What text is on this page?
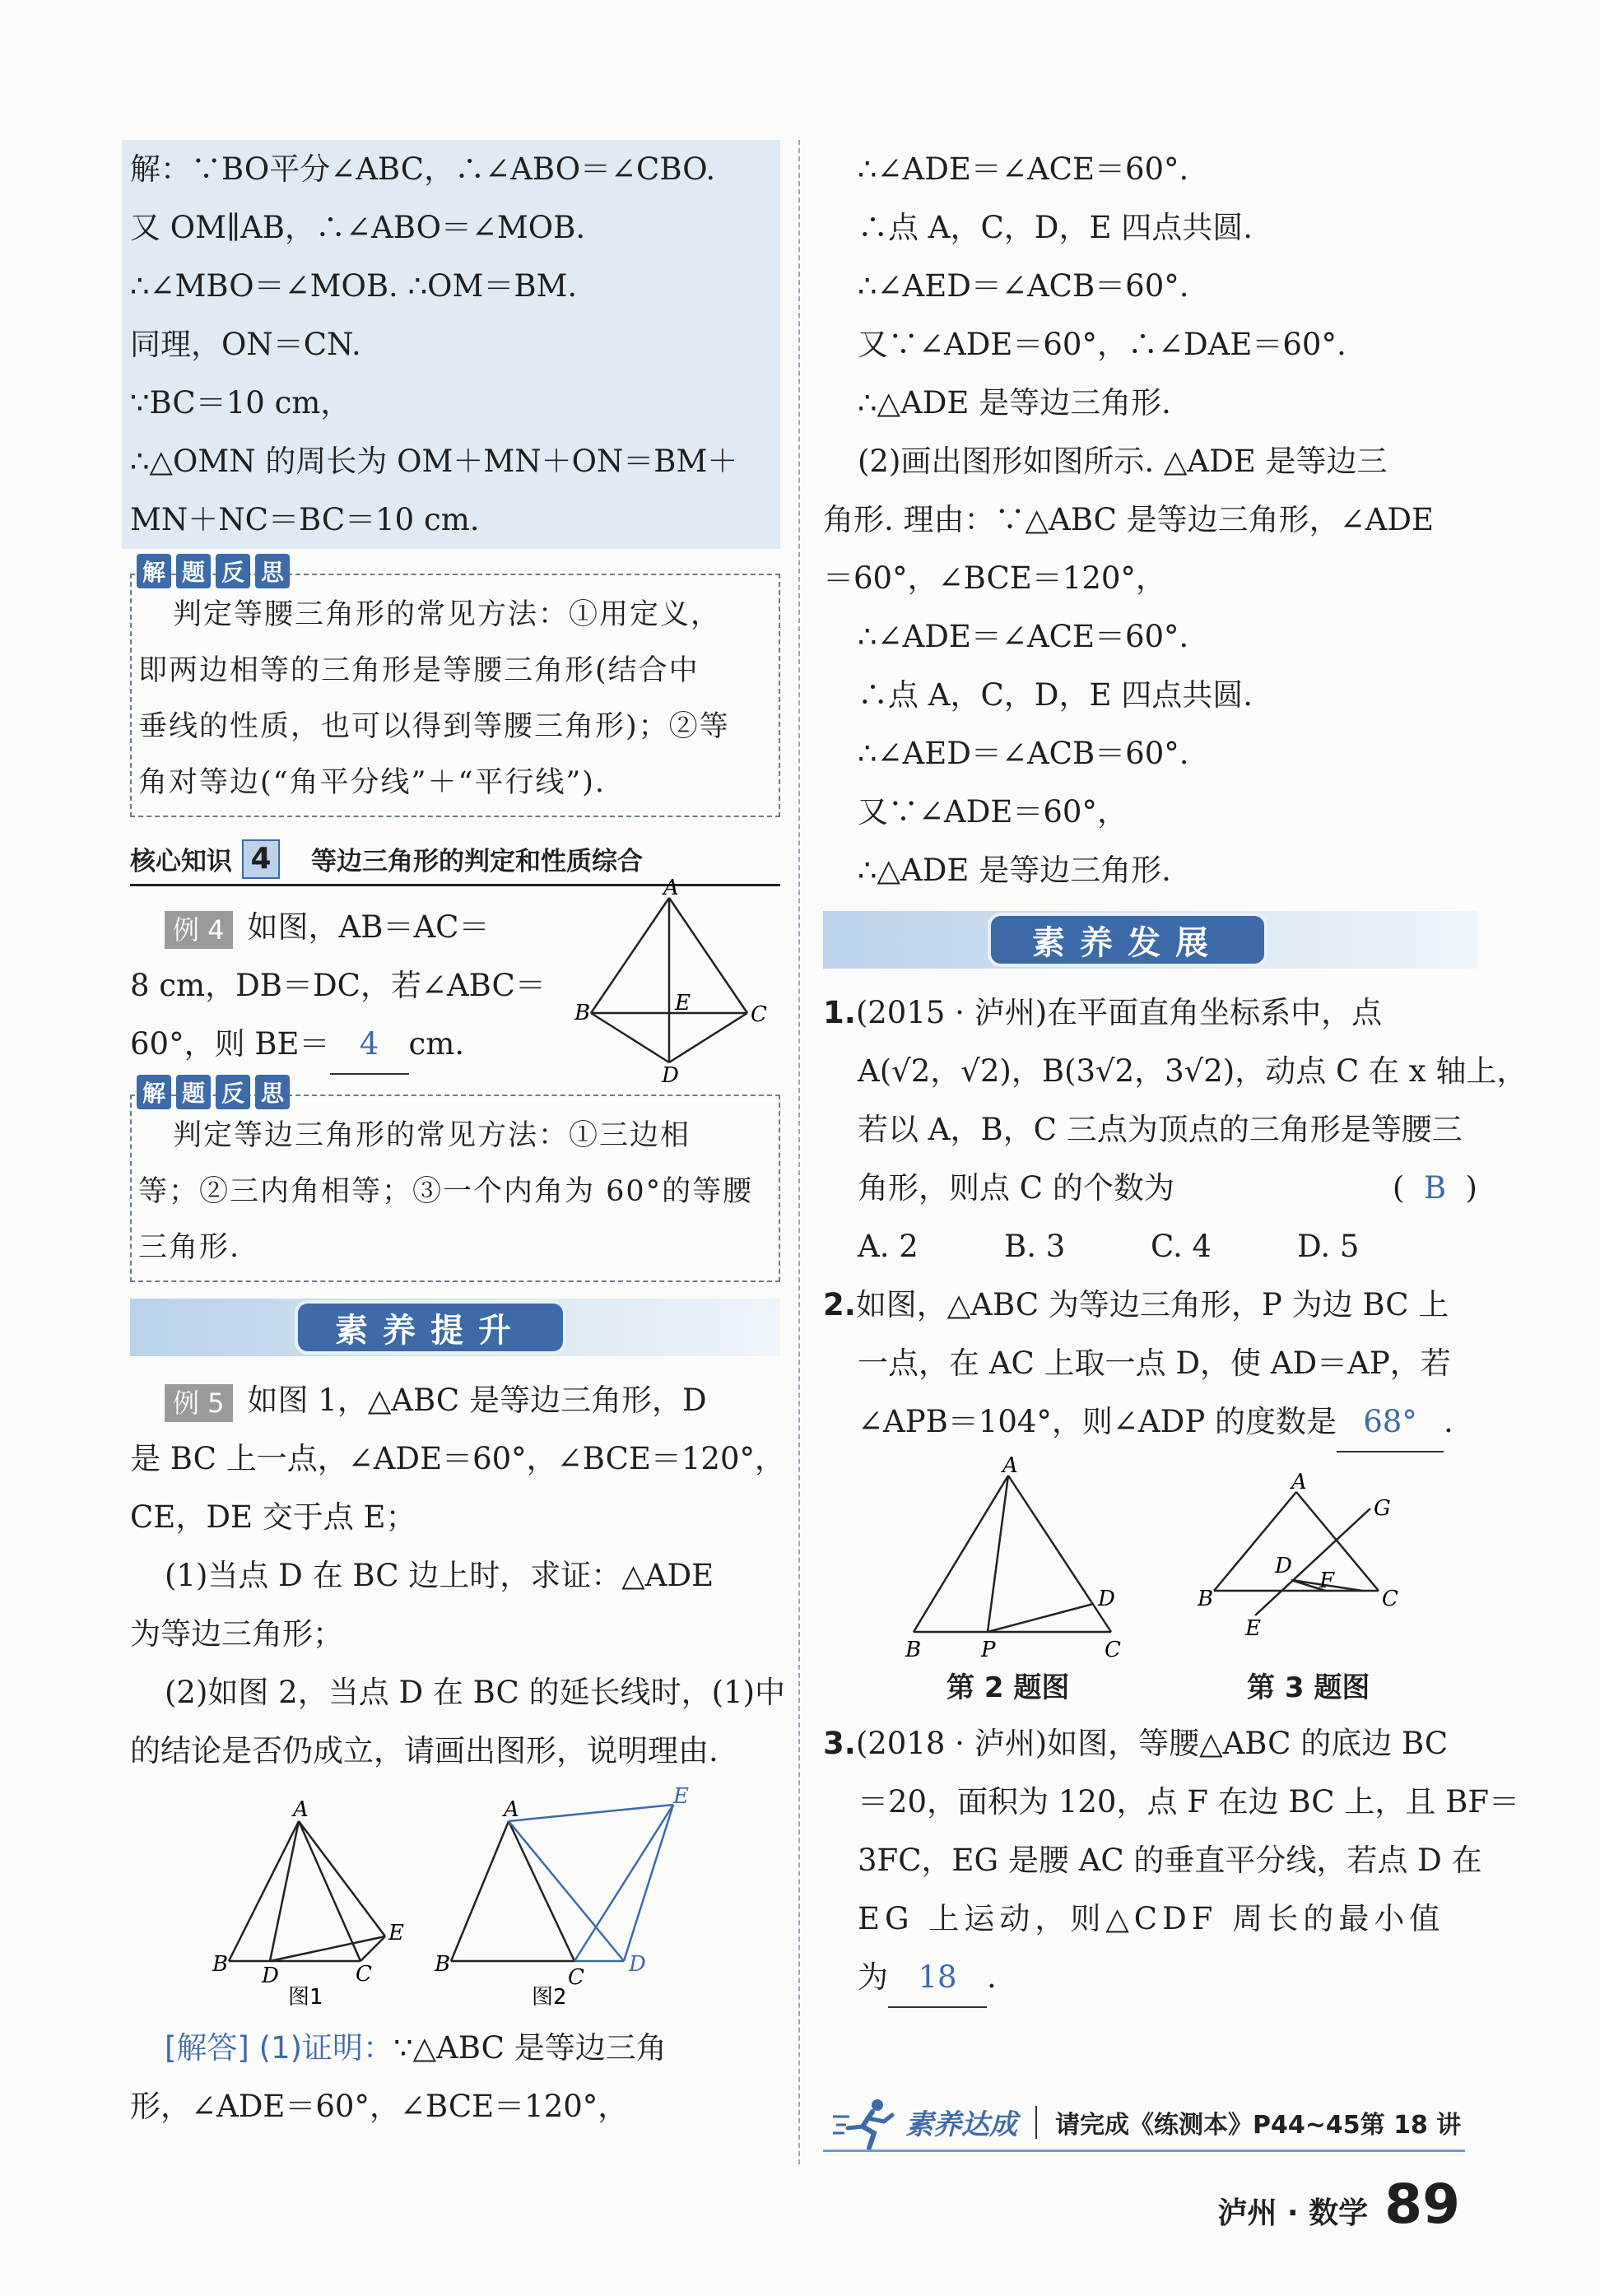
解：∵BO平分∠ABC，∴∠ABO＝∠CBO.
又 OM∥AB，∴∠ABO＝∠MOB.
∴∠MBO＝∠MOB. ∴OM＝BM.
同理，ON＝CN.
∵BC＝10 cm，
∴△OMN 的周长为 OM＋MN＋ON＝BM＋
MN＋NC＝BC＝10 cm.
解 题 反 思
判定等腰三角形的常见方法：①用定义，
即两边相等的三角形是等腰三角形(结合中
垂线的性质，也可以得到等腰三角形)；②等
角对等边(“角平分线”＋“平行线”).
核心知识 4	等边三角形的判定和性质综合
例 4 如图，AB＝AC＝
8 cm，DB＝DC，若∠ABC＝
60°，则 BE＝ 4 cm.
A
B	C
E
D
解 题 反 思
判定等边三角形的常见方法：①三边相
等；②三内角相等；③一个内角为 60°的等腰
三角形.
素养提升
例 5 如图 1，△ABC 是等边三角形，D
是 BC 上一点，∠ADE＝60°，∠BCE＝120°，
CE，DE 交于点 E；
(1)当点 D 在 BC 边上时，求证：△ADE
为等边三角形；
(2)如图 2，当点 D 在 BC 的延长线时，(1)中
的结论是否仍成立，请画出图形，说明理由.
A
B D	C
E
图1
A
B
C
D
E
图2
[解答] (1)证明：∵△ABC 是等边三角
形，∠ADE＝60°，∠BCE＝120°，
∴∠ADE＝∠ACE＝60°.
∴点 A，C，D，E 四点共圆.
∴∠AED＝∠ACB＝60°.
又∵∠ADE＝60°，∴∠DAE＝60°.
∴△ADE 是等边三角形.
(2)画出图形如图所示. △ADE 是等边三
角形. 理由：∵△ABC 是等边三角形，∠ADE
＝60°，∠BCE＝120°，
∴∠ADE＝∠ACE＝60°.
∴点 A，C，D，E 四点共圆.
∴∠AED＝∠ACB＝60°.
又∵∠ADE＝60°，
∴△ADE 是等边三角形.
素养发展
1.(2015 · 泸州)在平面直角坐标系中，点
A(√2，√2)，B(3√2，3√2)，动点 C 在 x 轴上，
若以 A，B，C 三点为顶点的三角形是等腰三
角形，则点 C 的个数为	(  B  )
A. 2	B. 3	C. 4	D. 5
2.如图，△ABC 为等边三角形，P 为边 BC 上
一点，在 AC 上取一点 D，使 AD＝AP，若
∠APB＝104°，则∠ADP 的度数是 68° .
A
B	P	C
D
A
G
D
B
F
C
E
第 2 题图	第 3 题图
3.(2018 · 泸州)如图，等腰△ABC 的底边 BC
＝20，面积为 120，点 F 在边 BC 上，且 BF＝
3FC，EG 是腰 AC 的垂直平分线，若点 D 在
EG 上运动，则△CDF 周长的最小值
为 18 .
素养达成 请完成《练测本》P44~45第 18 讲
泸州 · 数学 89
